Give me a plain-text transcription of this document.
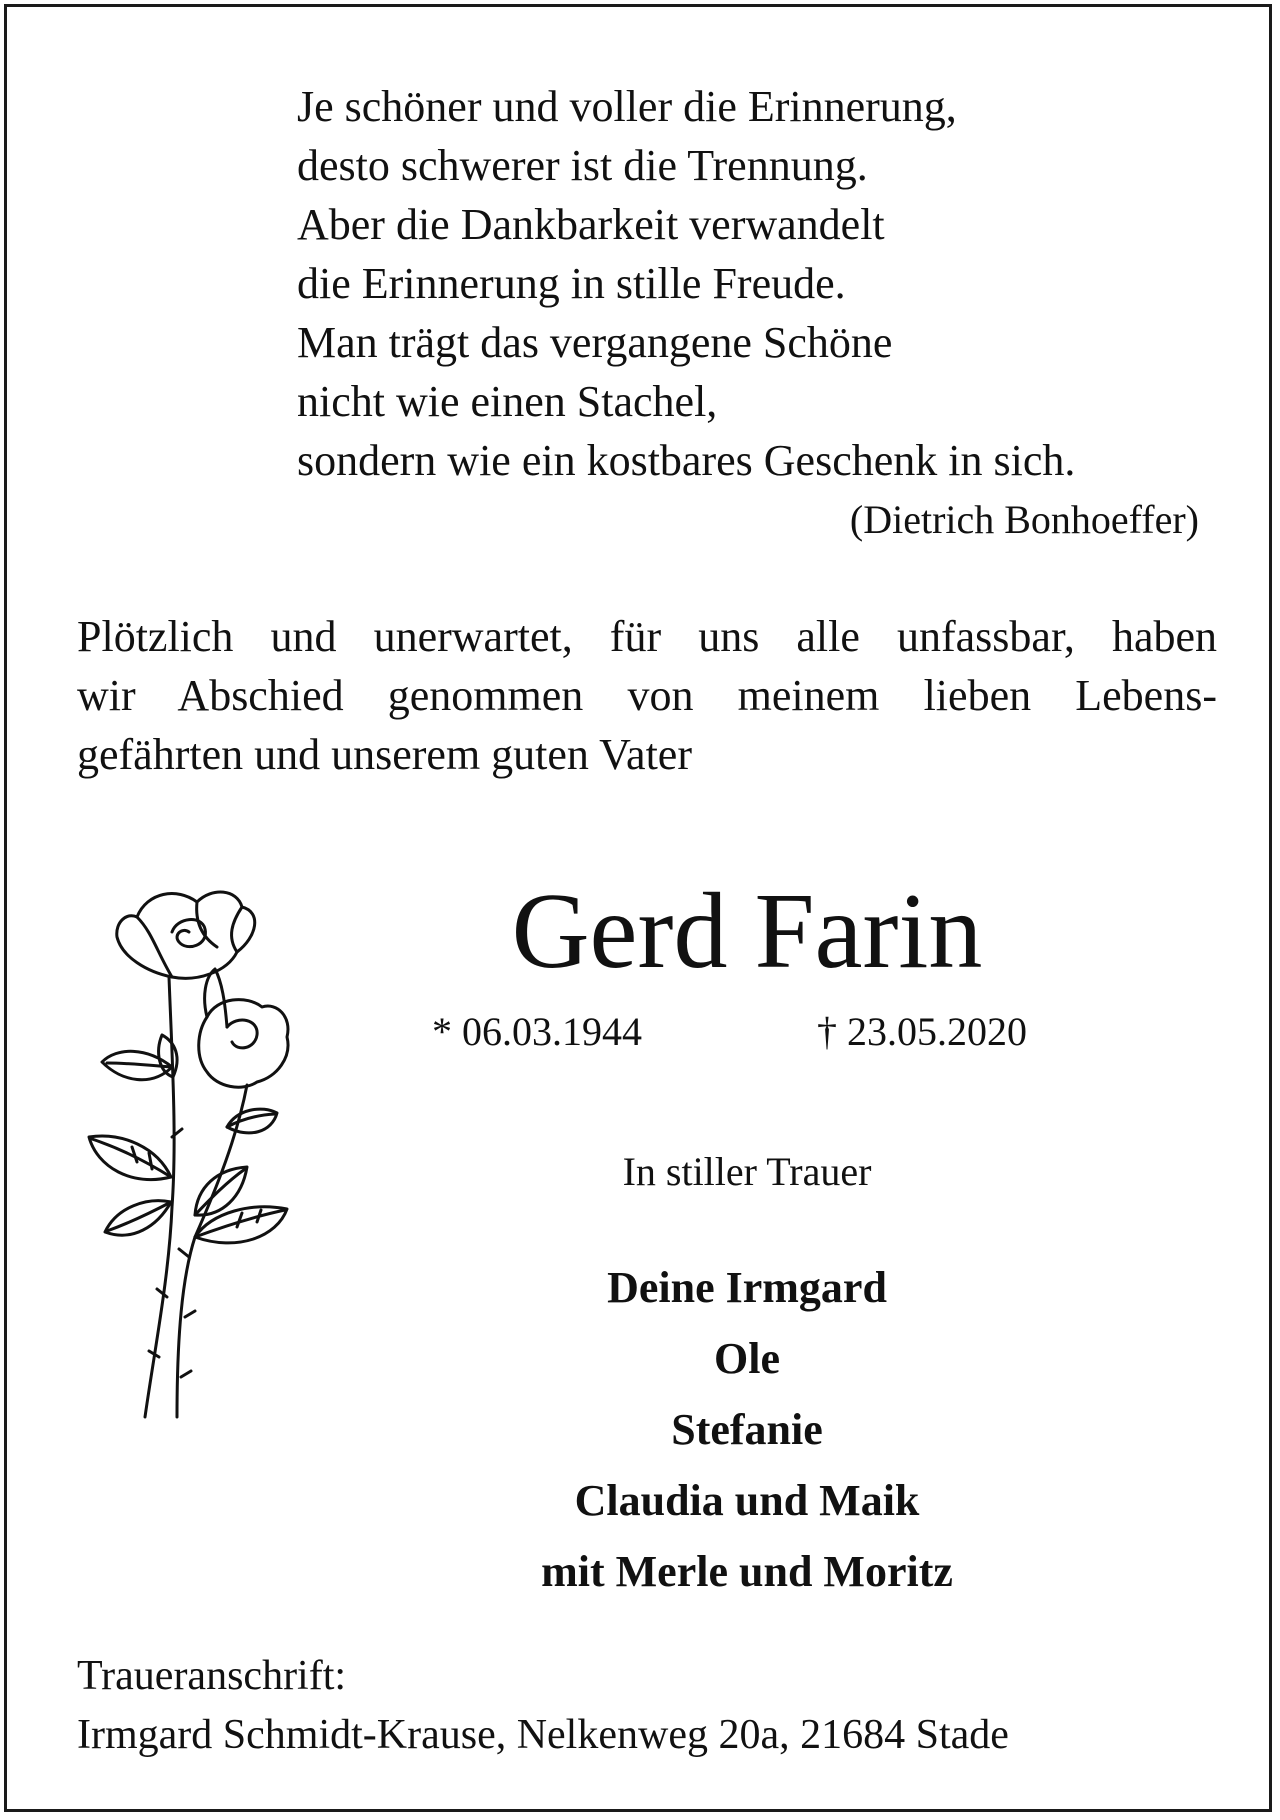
Je schöner und voller die Erinnerung,
desto schwerer ist die Trennung.
Aber die Dankbarkeit verwandelt
die Erinnerung in stille Freude.
Man trägt das vergangene Schöne
nicht wie einen Stachel,
sondern wie ein kostbares Geschenk in sich.
(Dietrich Bonhoeffer)
Plötzlich und unerwartet, für uns alle unfassbar, haben
wir Abschied genommen von meinem lieben Lebens-
gefährten und unserem guten Vater
Gerd Farin
* 06.03.1944	† 23.05.2020
In stiller Trauer
Deine Irmgard
Ole
Stefanie
Claudia und Maik
mit Merle und Moritz
Traueranschrift:
Irmgard Schmidt-Krause, Nelkenweg 20a, 21684 Stade
